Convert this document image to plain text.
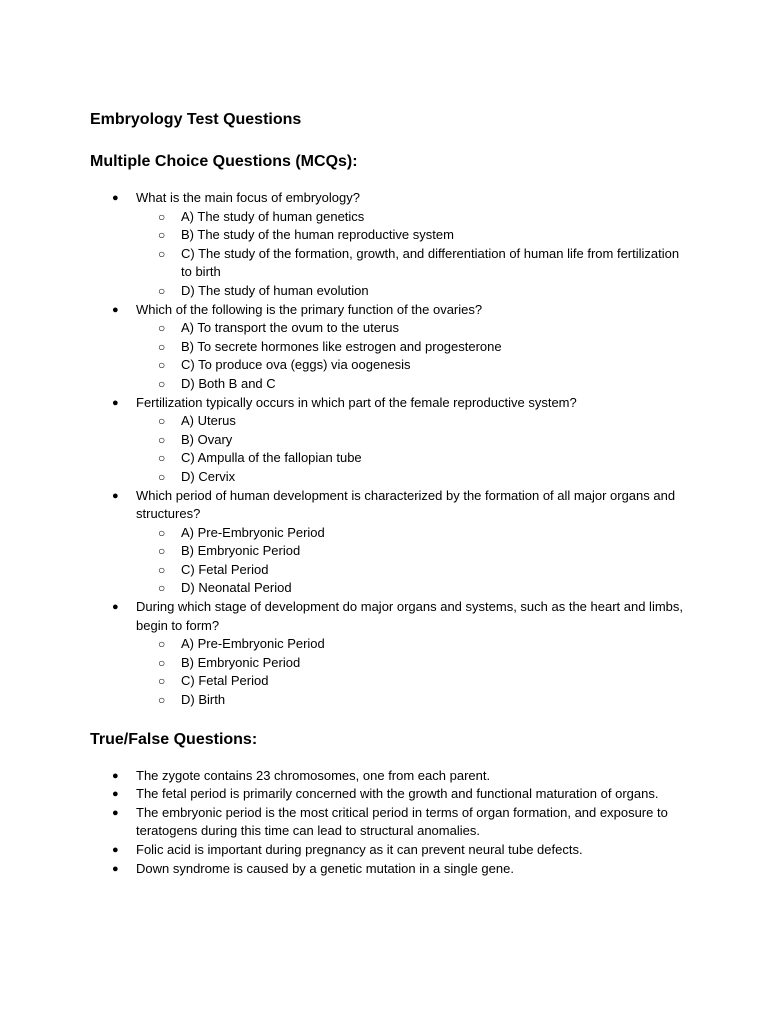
Embryology Test Questions
Multiple Choice Questions (MCQs):
● What is the main focus of embryology?
○ A) The study of human genetics
○ B) The study of the human reproductive system
○ C) The study of the formation, growth, and differentiation of human life from fertilization to birth
○ D) The study of human evolution
● Which of the following is the primary function of the ovaries?
○ A) To transport the ovum to the uterus
○ B) To secrete hormones like estrogen and progesterone
○ C) To produce ova (eggs) via oogenesis
○ D) Both B and C
● Fertilization typically occurs in which part of the female reproductive system?
○ A) Uterus
○ B) Ovary
○ C) Ampulla of the fallopian tube
○ D) Cervix
● Which period of human development is characterized by the formation of all major organs and structures?
○ A) Pre-Embryonic Period
○ B) Embryonic Period
○ C) Fetal Period
○ D) Neonatal Period
● During which stage of development do major organs and systems, such as the heart and limbs, begin to form?
○ A) Pre-Embryonic Period
○ B) Embryonic Period
○ C) Fetal Period
○ D) Birth
True/False Questions:
● The zygote contains 23 chromosomes, one from each parent.
● The fetal period is primarily concerned with the growth and functional maturation of organs.
● The embryonic period is the most critical period in terms of organ formation, and exposure to teratogens during this time can lead to structural anomalies.
● Folic acid is important during pregnancy as it can prevent neural tube defects.
● Down syndrome is caused by a genetic mutation in a single gene.
